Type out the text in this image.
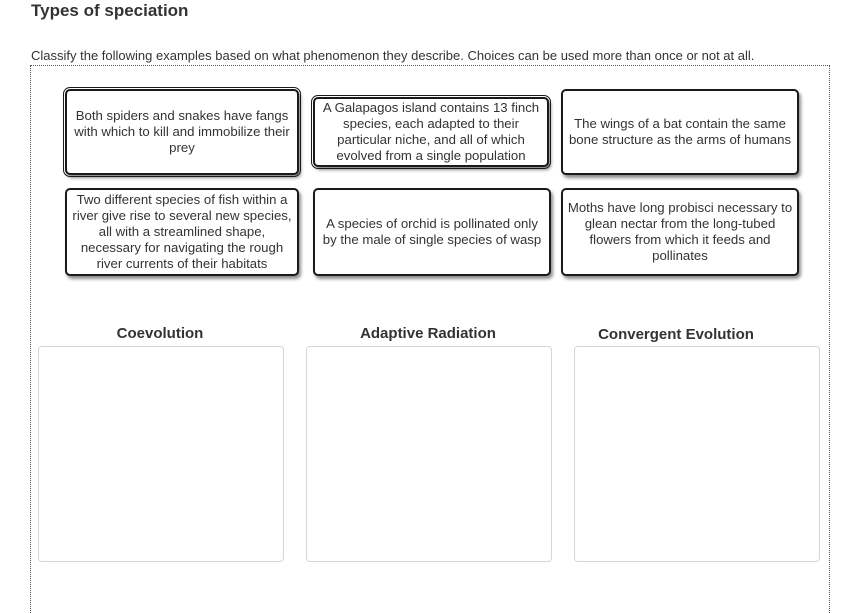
Types of speciation
Classify the following examples based on what phenomenon they describe. Choices can be used more than once or not at all.
Both spiders and snakes have fangs with which to kill and immobilize their prey
A Galapagos island contains 13 finch species, each adapted to their particular niche, and all of which evolved from a single population
The wings of a bat contain the same bone structure as the arms of humans
Two different species of fish within a river give rise to several new species, all with a streamlined shape, necessary for navigating the rough river currents of their habitats
A species of orchid is pollinated only by the male of single species of wasp
Moths have long probisci necessary to glean nectar from the long-tubed flowers from which it feeds and pollinates
Coevolution	Adaptive Radiation	Convergent Evolution
